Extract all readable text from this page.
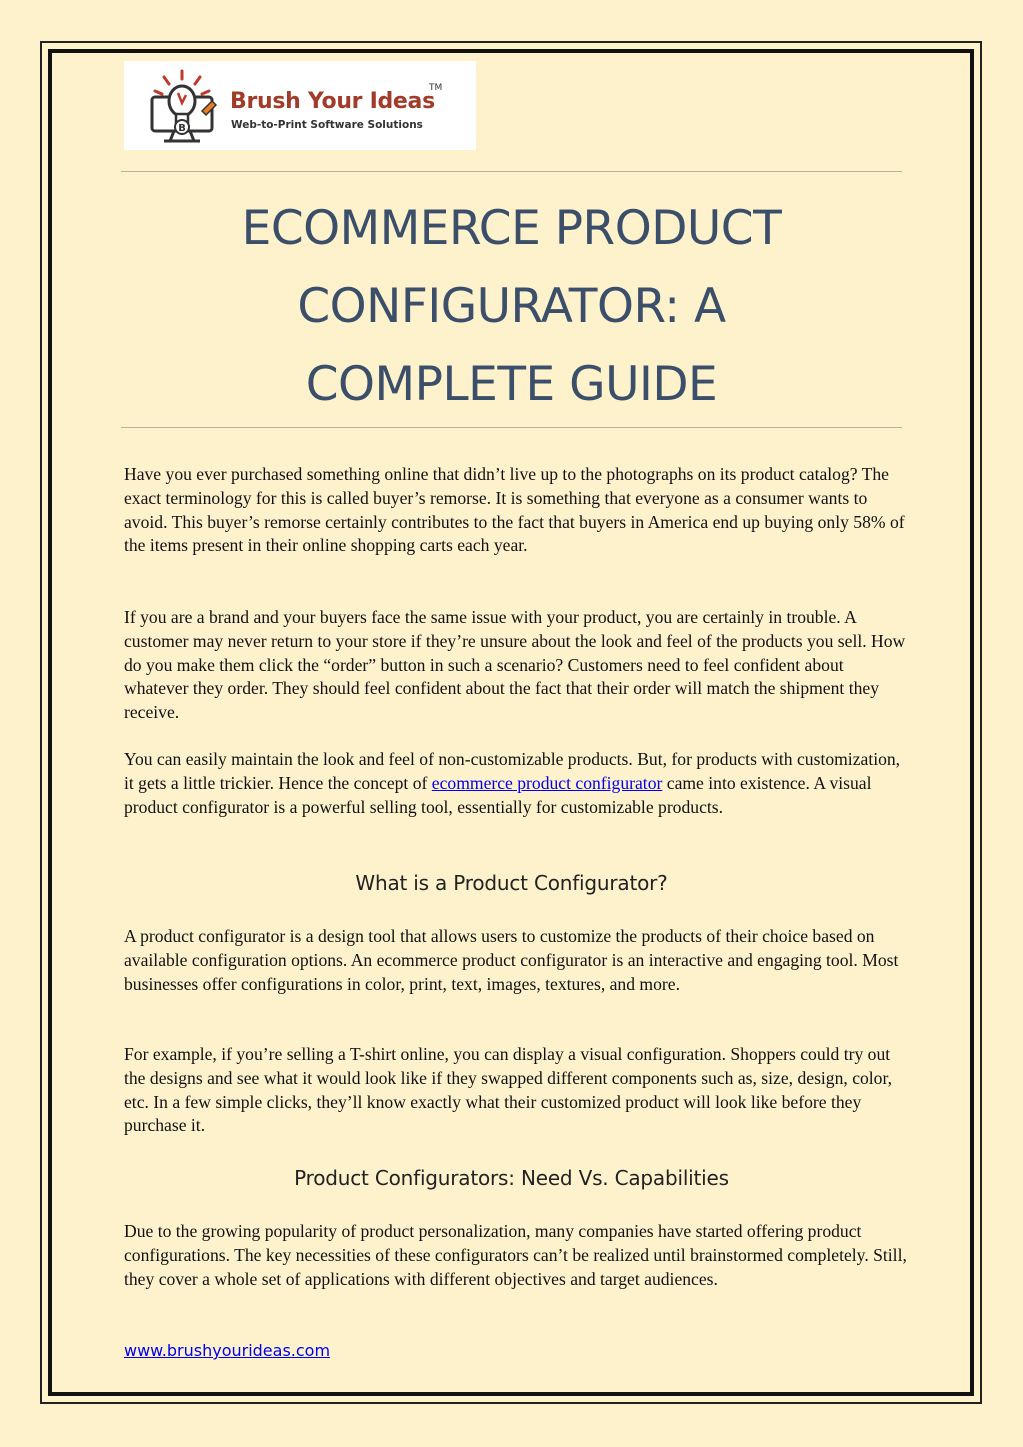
B
Brush Your Ideas
TM
Web-to-Print Software Solutions
ECOMMERCE PRODUCT
CONFIGURATOR: A
COMPLETE GUIDE

Have you ever purchased something online that didn’t live up to the photographs on its product catalog? The exact terminology for this is called buyer’s remorse. It is something that everyone as a consumer wants to avoid. This buyer’s remorse certainly contributes to the fact that buyers in America end up buying only 58% of the items present in their online shopping carts each year.

If you are a brand and your buyers face the same issue with your product, you are certainly in trouble. A customer may never return to your store if they’re unsure about the look and feel of the products you sell. How do you make them click the “order” button in such a scenario? Customers need to feel confident about whatever they order. They should feel confident about the fact that their order will match the shipment they receive.

You can easily maintain the look and feel of non-customizable products. But, for products with customization, it gets a little trickier. Hence the concept of ecommerce product configurator came into existence. A visual product configurator is a powerful selling tool, essentially for customizable products.

What is a Product Configurator?

A product configurator is a design tool that allows users to customize the products of their choice based on available configuration options. An ecommerce product configurator is an interactive and engaging tool. Most businesses offer configurations in color, print, text, images, textures, and more.

For example, if you’re selling a T-shirt online, you can display a visual configuration. Shoppers could try out the designs and see what it would look like if they swapped different components such as, size, design, color, etc. In a few simple clicks, they’ll know exactly what their customized product will look like before they purchase it.

Product Configurators: Need Vs. Capabilities

Due to the growing popularity of product personalization, many companies have started offering product configurations. The key necessities of these configurators can’t be realized until brainstormed completely. Still, they cover a whole set of applications with different objectives and target audiences.

www.brushyourideas.com
